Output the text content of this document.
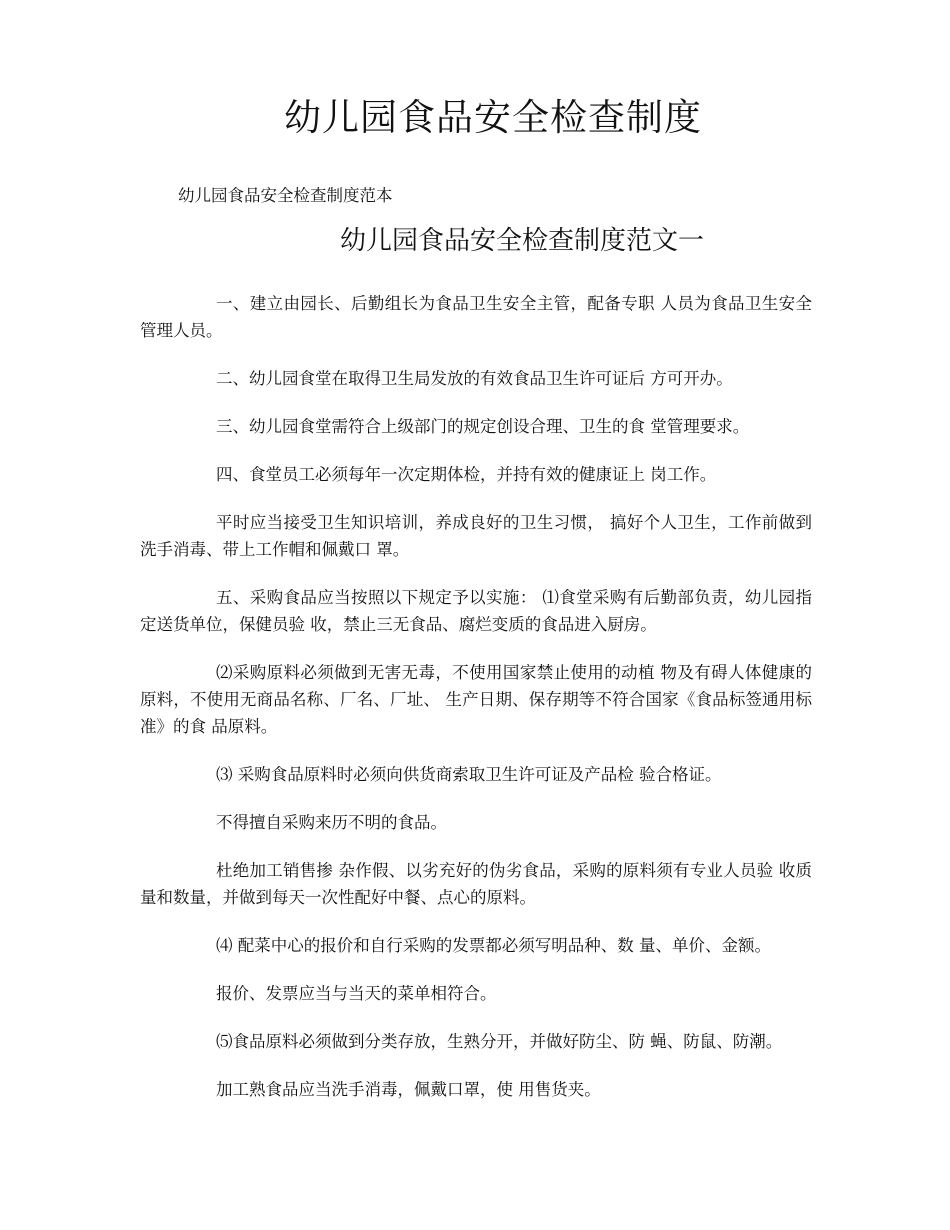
幼儿园食品安全检查制度

幼儿园食品安全检查制度范本

幼儿园食品安全检查制度范文一

一、建立由园长、后勤组长为食品卫生安全主管，配备专职 人员为食品卫生安全管理人员。

二、幼儿园食堂在取得卫生局发放的有效食品卫生许可证后 方可开办。

三、幼儿园食堂需符合上级部门的规定创设合理、卫生的食 堂管理要求。

四、食堂员工必须每年一次定期体检，并持有效的健康证上 岗工作。

平时应当接受卫生知识培训，养成良好的卫生习惯， 搞好个人卫生，工作前做到洗手消毒、带上工作帽和佩戴口 罩。

五、采购食品应当按照以下规定予以实施： ⑴食堂采购有后勤部负责，幼儿园指定送货单位，保健员验 收，禁止三无食品、腐烂变质的食品进入厨房。

⑵采购原料必须做到无害无毒，不使用国家禁止使用的动植 物及有碍人体健康的原料，不使用无商品名称、厂名、厂址、 生产日期、保存期等不符合国家《食品标签通用标准》的食 品原料。

⑶ 采购食品原料时必须向供货商索取卫生许可证及产品检 验合格证。

不得擅自采购来历不明的食品。

杜绝加工销售掺 杂作假、以劣充好的伪劣食品，采购的原料须有专业人员验 收质量和数量，并做到每天一次性配好中餐、点心的原料。

⑷ 配菜中心的报价和自行采购的发票都必须写明品种、数 量、单价、金额。

报价、发票应当与当天的菜单相符合。

⑸食品原料必须做到分类存放，生熟分开，并做好防尘、防 蝇、防鼠、防潮。

加工熟食品应当洗手消毒，佩戴口罩，使 用售货夹。
